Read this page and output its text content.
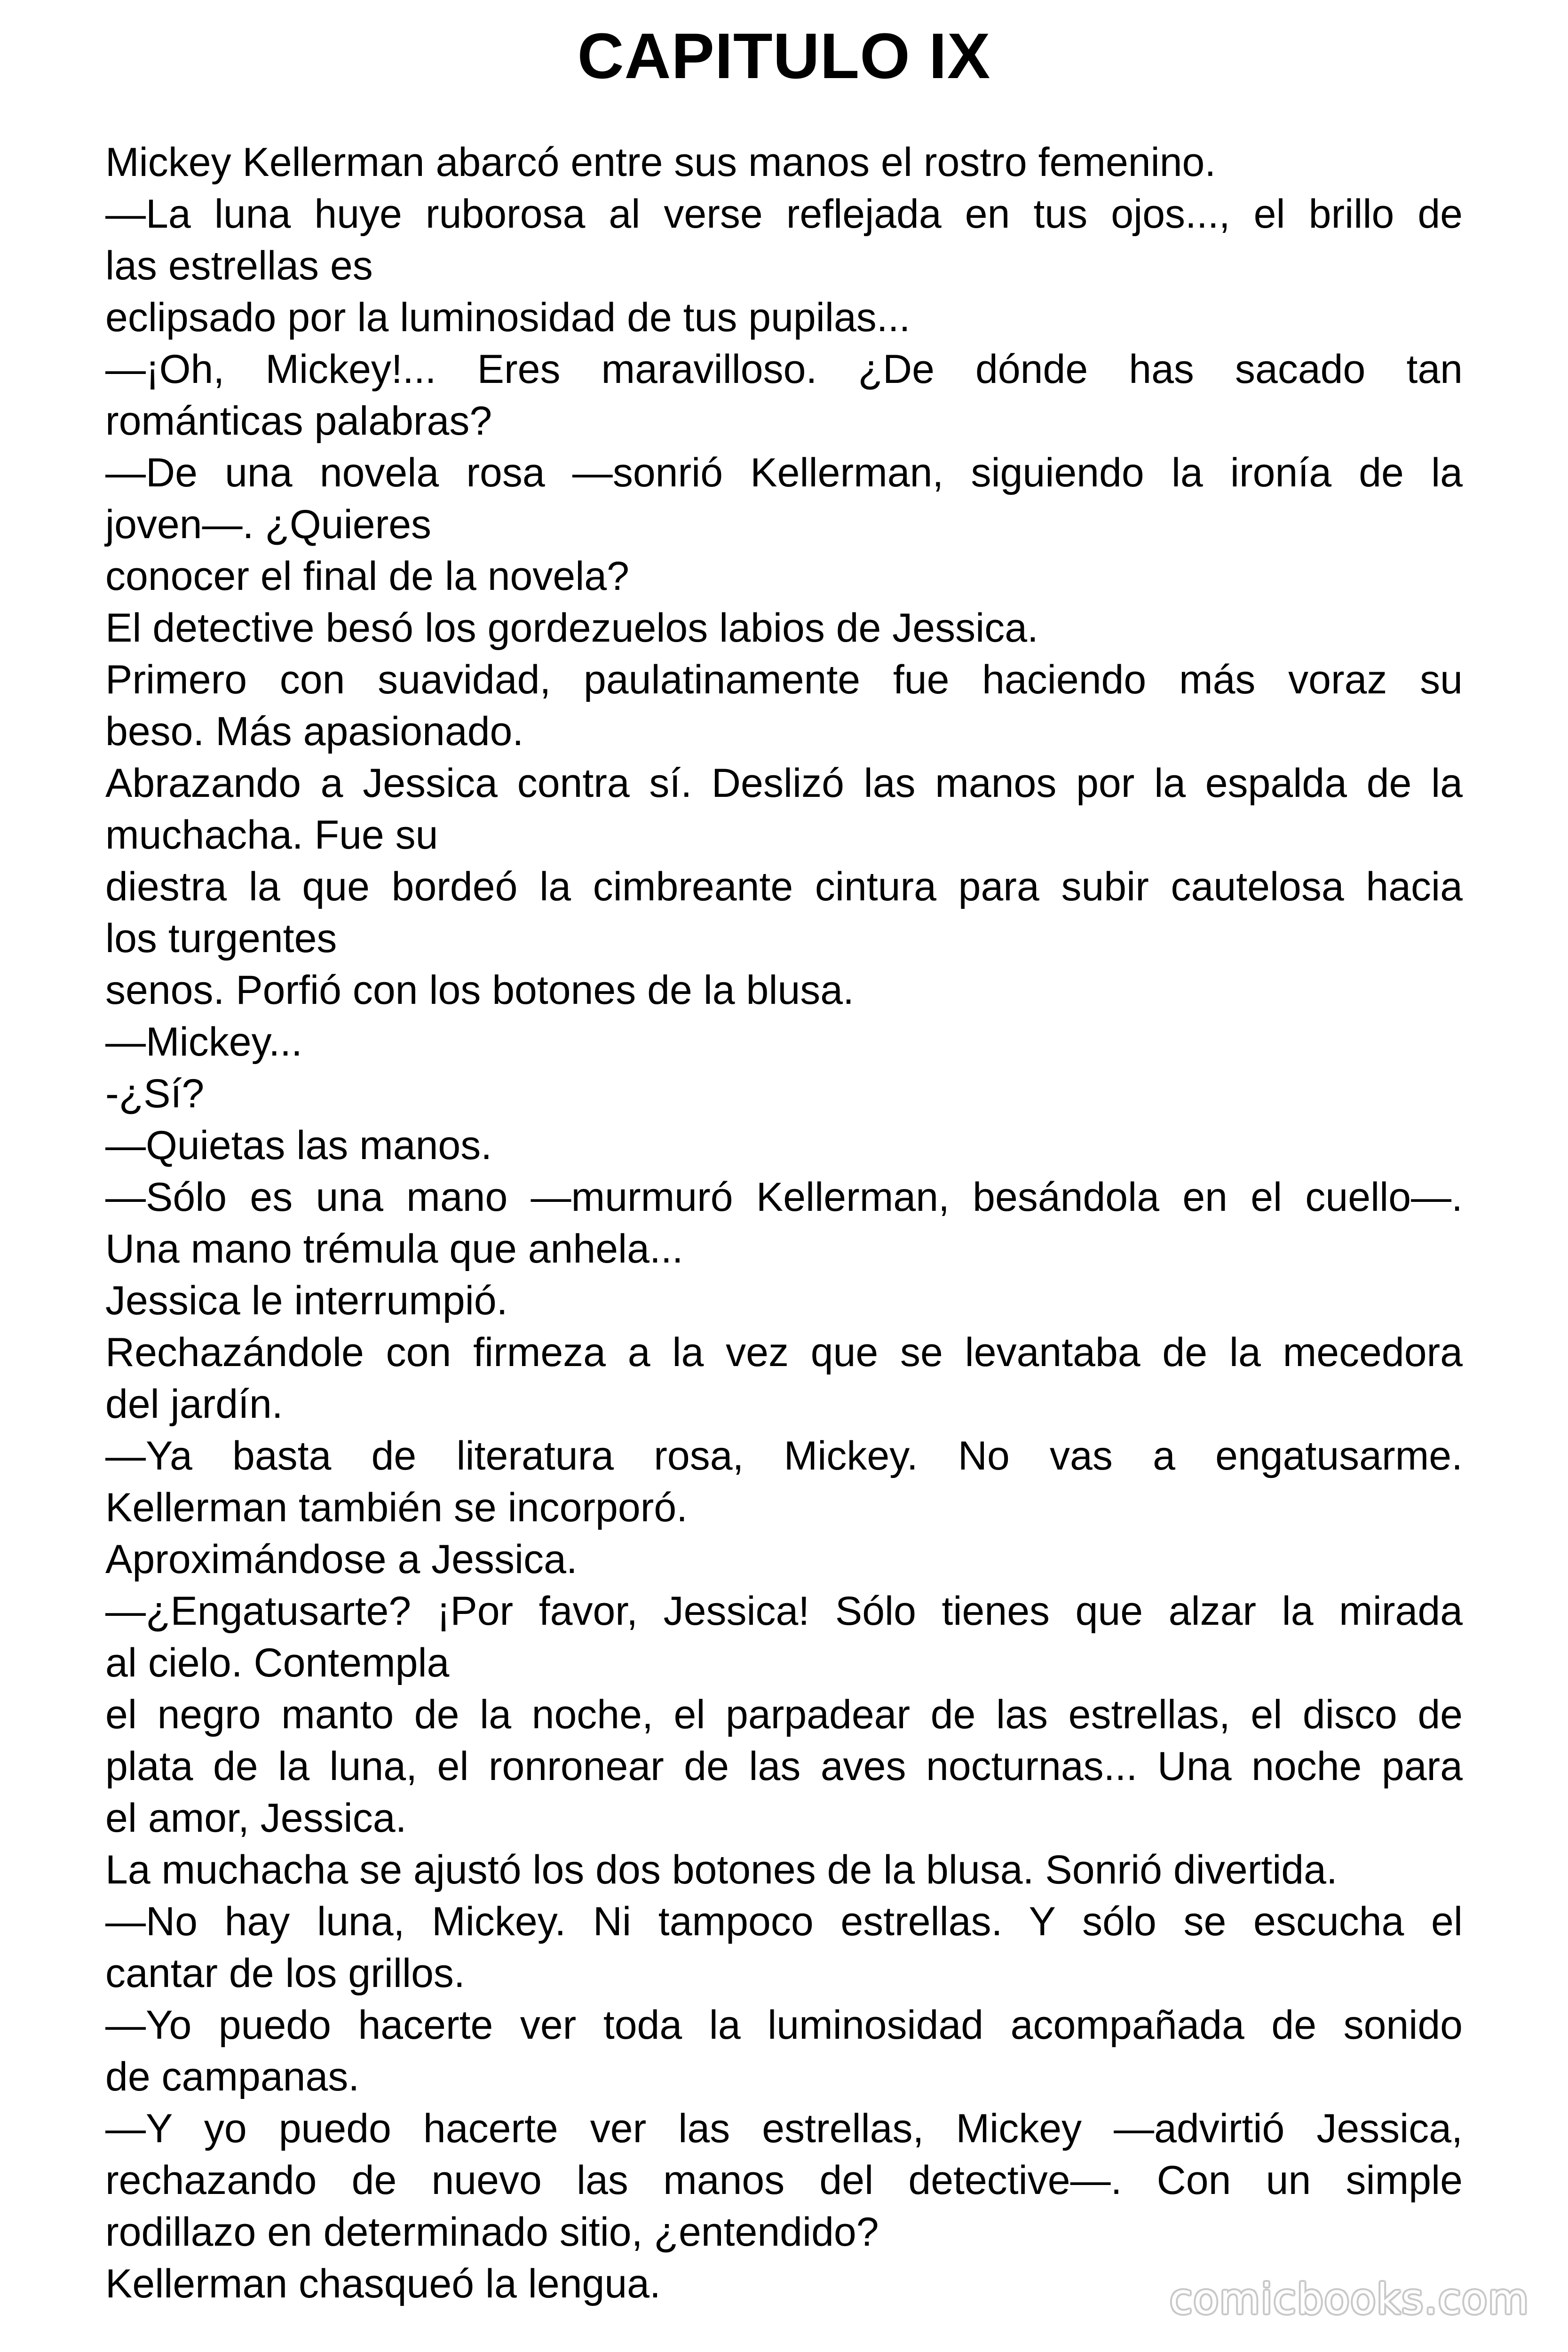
CAPITULO IX
Mickey Kellerman abarcó entre sus manos el rostro femenino.
—La luna huye ruborosa al verse reflejada en tus ojos..., el brillo de
las estrellas es
eclipsado por la luminosidad de tus pupilas...
—¡Oh, Mickey!... Eres maravilloso. ¿De dónde has sacado tan
románticas palabras?
—De una novela rosa —sonrió Kellerman, siguiendo la ironía de la
joven—. ¿Quieres
conocer el final de la novela?
El detective besó los gordezuelos labios de Jessica.
Primero con suavidad, paulatinamente fue haciendo más voraz su
beso. Más apasionado.
Abrazando a Jessica contra sí. Deslizó las manos por la espalda de la
muchacha. Fue su
diestra la que bordeó la cimbreante cintura para subir cautelosa hacia
los turgentes
senos. Porfió con los botones de la blusa.
—Mickey...
-¿Sí?
—Quietas las manos.
—Sólo es una mano —murmuró Kellerman, besándola en el cuello—.
Una mano trémula que anhela...
Jessica le interrumpió.
Rechazándole con firmeza a la vez que se levantaba de la mecedora
del jardín.
—Ya basta de literatura rosa, Mickey. No vas a engatusarme.
Kellerman también se incorporó.
Aproximándose a Jessica.
—¿Engatusarte? ¡Por favor, Jessica! Sólo tienes que alzar la mirada
al cielo. Contempla
el negro manto de la noche, el parpadear de las estrellas, el disco de
plata de la luna, el ronronear de las aves nocturnas... Una noche para
el amor, Jessica.
La muchacha se ajustó los dos botones de la blusa. Sonrió divertida.
—No hay luna, Mickey. Ni tampoco estrellas. Y sólo se escucha el
cantar de los grillos.
—Yo puedo hacerte ver toda la luminosidad acompañada de sonido
de campanas.
—Y yo puedo hacerte ver las estrellas, Mickey —advirtió Jessica,
rechazando de nuevo las manos del detective—. Con un simple
rodillazo en determinado sitio, ¿entendido?
Kellerman chasqueó la lengua.	comicbooks.com
